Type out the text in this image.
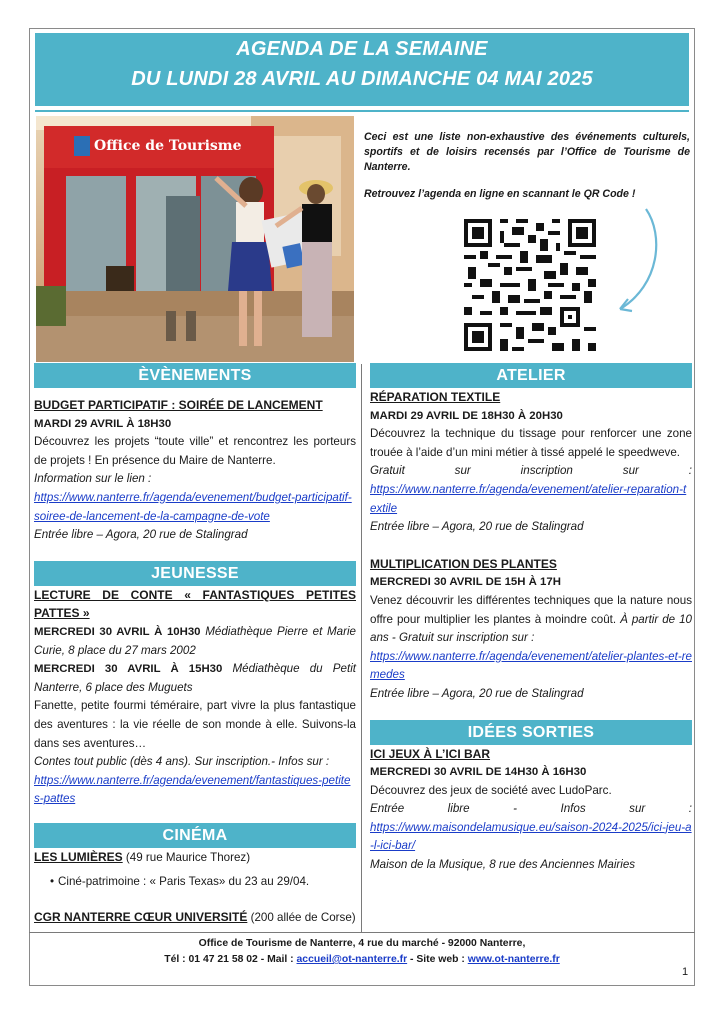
AGENDA DE LA SEMAINE
DU LUNDI 28 AVRIL AU DIMANCHE 04 MAI 2025
Office de Tourisme

Ceci est une liste non-exhaustive des événements culturels, sportifs et de loisirs recensés par l’Office de Tourisme de Nanterre.

Retrouvez l’agenda en ligne en scannant le QR Code !

ÈVÈNEMENTS
BUDGET PARTICIPATIF : SOIRÉE DE LANCEMENT
MARDI 29 AVRIL À 18H30
Découvrez les projets “toute ville” et rencontrez les porteurs de projets ! En présence du Maire de Nanterre.
Information sur le lien :
https://www.nanterre.fr/agenda/evenement/budget-participatif-soiree-de-lancement-de-la-campagne-de-vote
Entrée libre – Agora, 20 rue de Stalingrad
JEUNESSE
LECTURE DE CONTE « FANTASTIQUES PETITES PATTES »
MERCREDI 30 AVRIL À 10H30 Médiathèque Pierre et Marie Curie, 8 place du 27 mars 2002
MERCREDI 30 AVRIL À 15H30 Médiathèque du Petit Nanterre, 6 place des Muguets
Fanette, petite fourmi téméraire, part vivre la plus fantastique des aventures : la vie réelle de son monde à elle. Suivons-la dans ses aventures…
Contes tout public (dès 4 ans). Sur inscription.- Infos sur :
https://www.nanterre.fr/agenda/evenement/fantastiques-petites-pattes
CINÉMA
LES LUMIÈRES (49 rue Maurice Thorez)
• Ciné-patrimoine : « Paris Texas» du 23 au 29/04.
CGR NANTERRE CŒUR UNIVERSITÉ (200 allée de Corse)
ATELIER
RÉPARATION TEXTILE
MARDI 29 AVRIL DE 18H30 À 20H30
Découvrez la technique du tissage pour renforcer une zone trouée à l’aide d’un mini métier à tissé appelé le speedweve.
Gratuit sur inscription sur :
https://www.nanterre.fr/agenda/evenement/atelier-reparation-textile
Entrée libre – Agora, 20 rue de Stalingrad
MULTIPLICATION DES PLANTES
MERCREDI 30 AVRIL DE 15H À 17H
Venez découvrir les différentes techniques que la nature nous offre pour multiplier les plantes à moindre coût. À partir de 10 ans - Gratuit sur inscription sur :
https://www.nanterre.fr/agenda/evenement/atelier-plantes-et-remedes
Entrée libre – Agora, 20 rue de Stalingrad
IDÉES SORTIES
ICI JEUX À L’ICI BAR
MERCREDI 30 AVRIL DE 14H30 À 16H30
Découvrez des jeux de société avec LudoParc.
Entrée libre - Infos sur :
https://www.maisondelamusique.eu/saison-2024-2025/ici-jeu-a-l-ici-bar/
Maison de la Musique, 8 rue des Anciennes Mairies
Office de Tourisme de Nanterre, 4 rue du marché - 92000 Nanterre,
Tél : 01 47 21 58 02 - Mail : accueil@ot-nanterre.fr - Site web : www.ot-nanterre.fr
1
